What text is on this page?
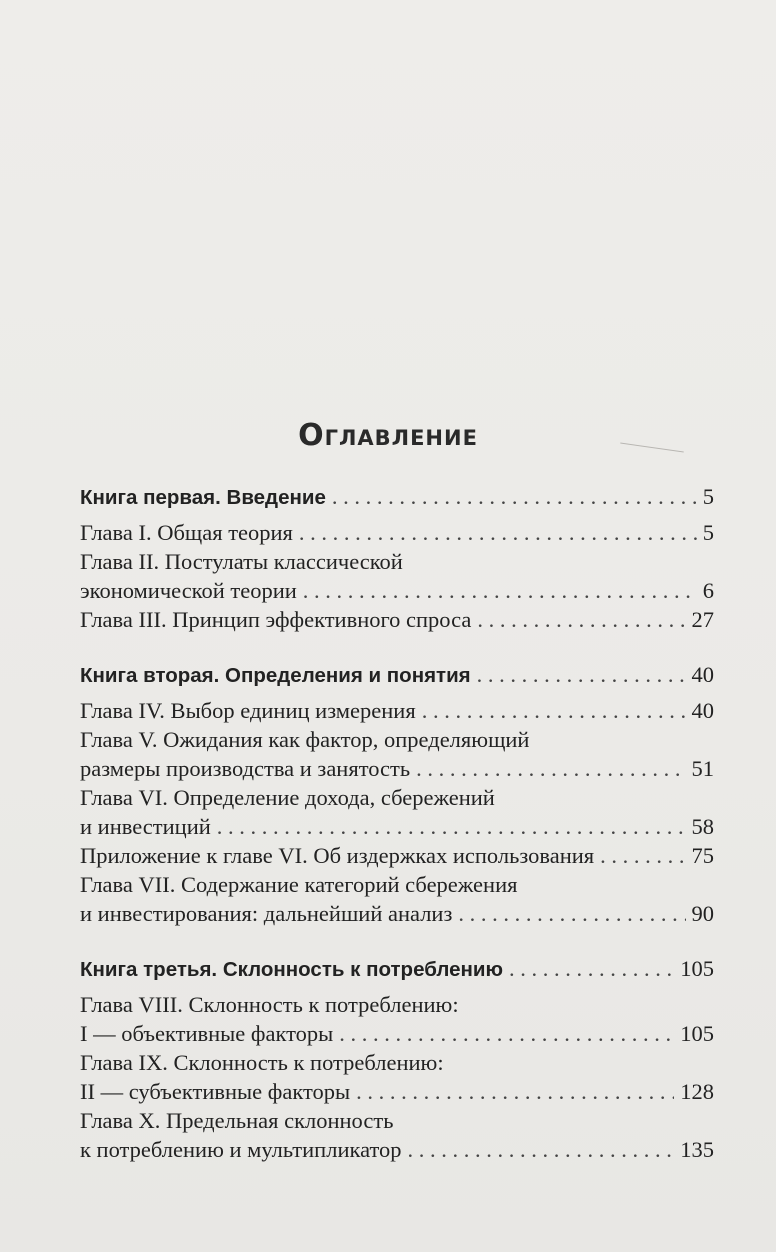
Оглавление
Книга первая. Введение . . .	5
Глава I. Общая теория . . .	5
Глава II. Постулаты классической
экономической теории . . .	6
Глава III. Принцип эффективного спроса . . .	27
Книга вторая. Определения и понятия . . .	40
Глава IV. Выбор единиц измерения . . .	40
Глава V. Ожидания как фактор, определяющий
размеры производства и занятость . . .	51
Глава VI. Определение дохода, сбережений
и инвестиций . . .	58
Приложение к главе VI. Об издержках использования . . .	75
Глава VII. Содержание категорий сбережения
и инвестирования: дальнейший анализ . . .	90
Книга третья. Склонность к потреблению . . .	105
Глава VIII. Склонность к потреблению:
I — объективные факторы . . .	105
Глава IX. Склонность к потреблению:
II — субъективные факторы . . .	128
Глава X. Предельная склонность
к потреблению и мультипликатор . . .	135
